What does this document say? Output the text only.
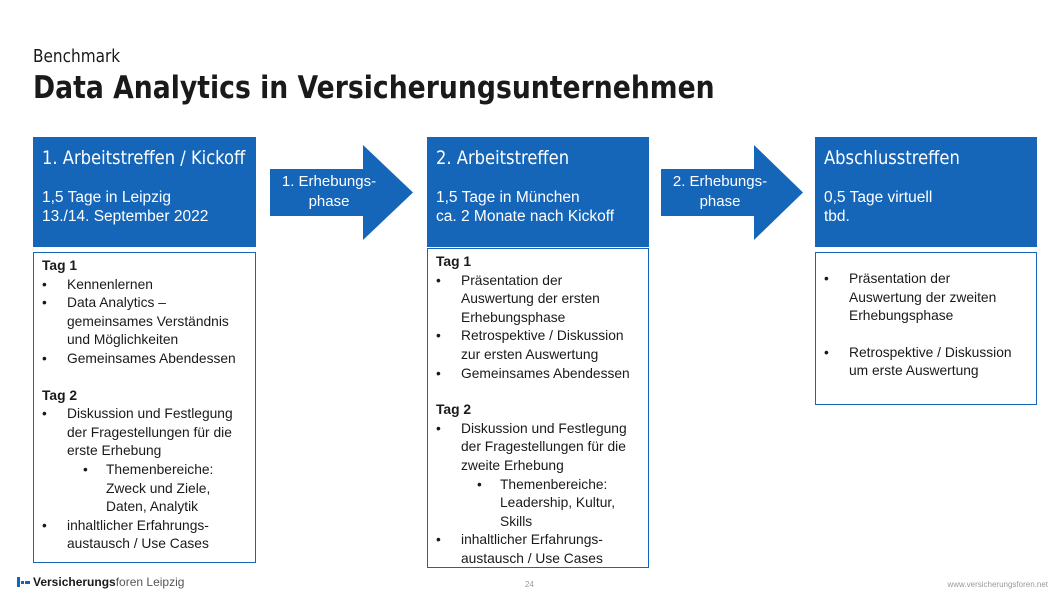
Benchmark
Data Analytics in Versicherungsunternehmen
1. Arbeitstreffen / Kickoff
1,5 Tage in Leipzig
13./14. September 2022
Tag 1
• Kennenlernen
• Data Analytics –
gemeinsames Verständnis
und Möglichkeiten
• Gemeinsames Abendessen
Tag 2
• Diskussion und Festlegung
der Fragestellungen für die
erste Erhebung
• Themenbereiche:
Zweck und Ziele,
Daten, Analytik
• inhaltlicher Erfahrungs-
austausch / Use Cases
1. Erhebungs-
phase
2. Arbeitstreffen
1,5 Tage in München
ca. 2 Monate nach Kickoff
Tag 1
• Präsentation der
Auswertung der ersten
Erhebungsphase
• Retrospektive / Diskussion
zur ersten Auswertung
• Gemeinsames Abendessen
Tag 2
• Diskussion und Festlegung
der Fragestellungen für die
zweite Erhebung
• Themenbereiche:
Leadership, Kultur,
Skills
• inhaltlicher Erfahrungs-
austausch / Use Cases
2. Erhebungs-
phase
Abschlusstreffen
0,5 Tage virtuell
tbd.
• Präsentation der
Auswertung der zweiten
Erhebungsphase
• Retrospektive / Diskussion
um erste Auswertung
Versicherungsforen Leipzig	24	www.versicherungsforen.net
